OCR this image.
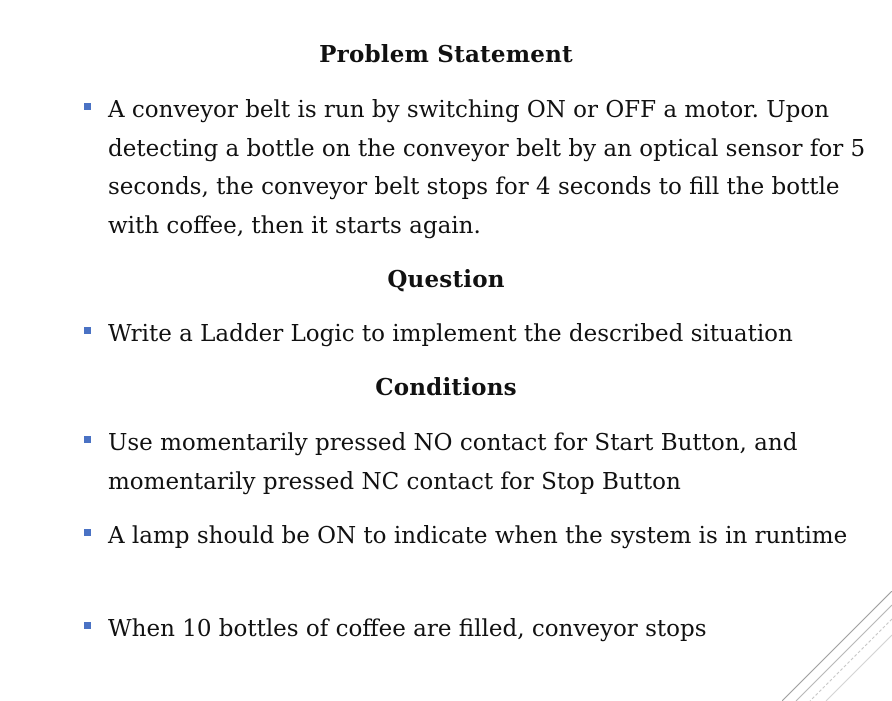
Problem Statement
A conveyor belt is run by switching ON or OFF a motor. Upon detecting a bottle on the conveyor belt by an optical sensor for 5 seconds, the conveyor belt stops for 4 seconds to fill the bottle with coffee, then it starts again.
Question
Write a Ladder Logic to implement the described situation
Conditions
Use momentarily pressed NO contact for Start Button, and momentarily pressed NC contact for Stop Button
A lamp should be ON to indicate when the system is in runtime
When 10 bottles of coffee are filled, conveyor stops
